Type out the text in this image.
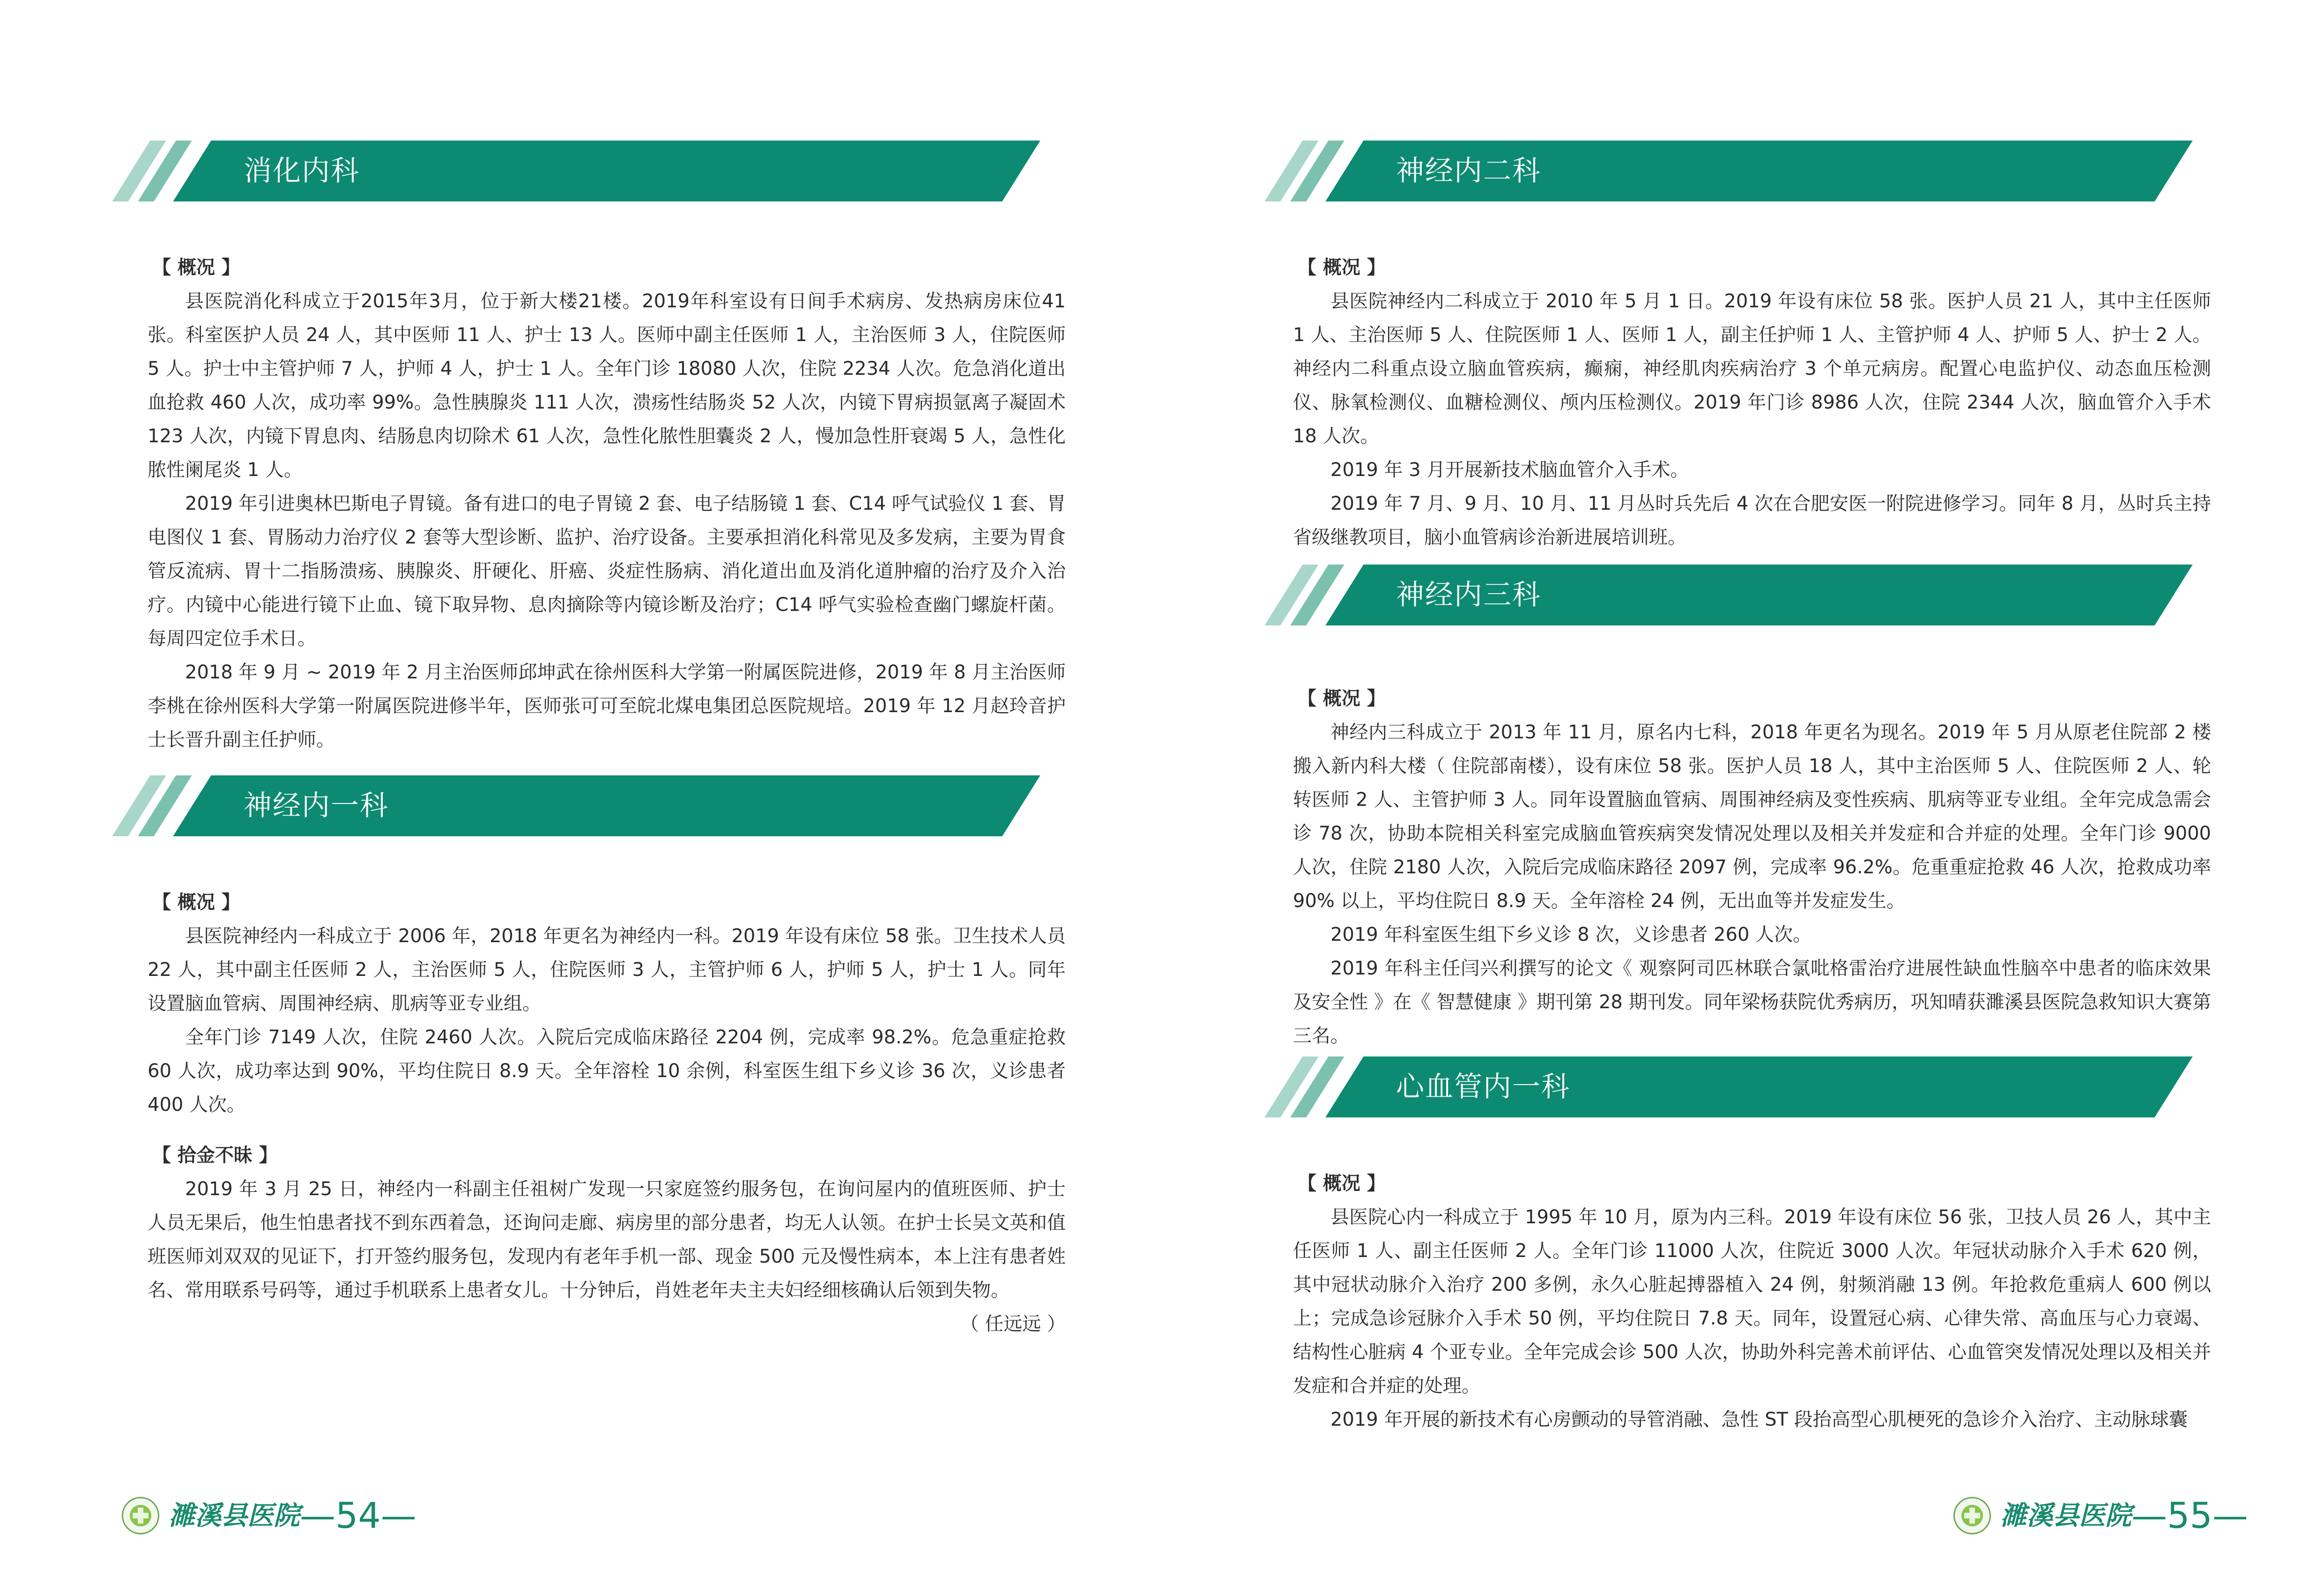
消化内科
【 概况 】

县医院消化科成立于2015年3月，位于新大楼21楼。2019年科室设有日间手术病房、发热病房床位41张。科室医护人员 24 人，其中医师 11 人、护士 13 人。医师中副主任医师 1 人，主治医师 3 人，住院医师 5 人。护士中主管护师 7 人，护师 4 人，护士 1 人。全年门诊 18080 人次，住院 2234 人次。危急消化道出血抢救 460 人次，成功率 99%。急性胰腺炎 111 人次，溃疡性结肠炎 52 人次，内镜下胃病损氩离子凝固术 123 人次，内镜下胃息肉、结肠息肉切除术 61 人次，急性化脓性胆囊炎 2 人，慢加急性肝衰竭 5 人，急性化脓性阑尾炎 1 人。

2019 年引进奥林巴斯电子胃镜。备有进口的电子胃镜 2 套、电子结肠镜 1 套、C14 呼气试验仪 1 套、胃电图仪 1 套、胃肠动力治疗仪 2 套等大型诊断、监护、治疗设备。主要承担消化科常见及多发病，主要为胃食管反流病、胃十二指肠溃疡、胰腺炎、肝硬化、肝癌、炎症性肠病、消化道出血及消化道肿瘤的治疗及介入治疗。内镜中心能进行镜下止血、镜下取异物、息肉摘除等内镜诊断及治疗；C14 呼气实验检查幽门螺旋杆菌。每周四定位手术日。

2018 年 9 月 ~ 2019 年 2 月主治医师邱坤武在徐州医科大学第一附属医院进修，2019 年 8 月主治医师李桃在徐州医科大学第一附属医院进修半年，医师张可可至皖北煤电集团总医院规培。2019 年 12 月赵玲音护士长晋升副主任护师。

神经内一科
【 概况 】

县医院神经内一科成立于 2006 年，2018 年更名为神经内一科。2019 年设有床位 58 张。卫生技术人员 22 人，其中副主任医师 2 人，主治医师 5 人，住院医师 3 人，主管护师 6 人，护师 5 人，护士 1 人。同年设置脑血管病、周围神经病、肌病等亚专业组。

全年门诊 7149 人次，住院 2460 人次。入院后完成临床路径 2204 例，完成率 98.2%。危急重症抢救 60 人次，成功率达到 90%，平均住院日 8.9 天。全年溶栓 10 余例，科室医生组下乡义诊 36 次，义诊患者 400 人次。

【 拾金不昧 】

2019 年 3 月 25 日，神经内一科副主任祖树广发现一只家庭签约服务包，在询问屋内的值班医师、护士人员无果后，他生怕患者找不到东西着急，还询问走廊、病房里的部分患者，均无人认领。在护士长吴文英和值班医师刘双双的见证下，打开签约服务包，发现内有老年手机一部、现金 500 元及慢性病本，本上注有患者姓名、常用联系号码等，通过手机联系上患者女儿。十分钟后，肖姓老年夫主夫妇经细核确认后领到失物。

（ 任远远 ）

濉溪县医院 —54—
神经内二科
【 概况 】

县医院神经内二科成立于 2010 年 5 月 1 日。2019 年设有床位 58 张。医护人员 21 人，其中主任医师 1 人、主治医师 5 人、住院医师 1 人、医师 1 人，副主任护师 1 人、主管护师 4 人、护师 5 人、护士 2 人。神经内二科重点设立脑血管疾病，癫痫，神经肌肉疾病治疗 3 个单元病房。配置心电监护仪、动态血压检测仪、脉氧检测仪、血糖检测仪、颅内压检测仪。2019 年门诊 8986 人次，住院 2344 人次，脑血管介入手术 18 人次。

2019 年 3 月开展新技术脑血管介入手术。

2019 年 7 月、9 月、10 月、11 月丛时兵先后 4 次在合肥安医一附院进修学习。同年 8 月，丛时兵主持省级继教项目，脑小血管病诊治新进展培训班。

神经内三科
【 概况 】

神经内三科成立于 2013 年 11 月，原名内七科，2018 年更名为现名。2019 年 5 月从原老住院部 2 楼搬入新内科大楼（ 住院部南楼），设有床位 58 张。医护人员 18 人，其中主治医师 5 人、住院医师 2 人、轮转医师 2 人、主管护师 3 人。同年设置脑血管病、周围神经病及变性疾病、肌病等亚专业组。全年完成急需会诊 78 次，协助本院相关科室完成脑血管疾病突发情况处理以及相关并发症和合并症的处理。全年门诊 9000 人次，住院 2180 人次，入院后完成临床路径 2097 例，完成率 96.2%。危重重症抢救 46 人次，抢救成功率 90% 以上，平均住院日 8.9 天。全年溶栓 24 例，无出血等并发症发生。

2019 年科室医生组下乡义诊 8 次，义诊患者 260 人次。

2019 年科主任闫兴利撰写的论文《 观察阿司匹林联合氯吡格雷治疗进展性缺血性脑卒中患者的临床效果及安全性 》在《 智慧健康 》期刊第 28 期刊发。同年梁杨获院优秀病历，巩知晴获濉溪县医院急救知识大赛第三名。

心血管内一科
【 概况 】

县医院心内一科成立于 1995 年 10 月，原为内三科。2019 年设有床位 56 张，卫技人员 26 人，其中主任医师 1 人、副主任医师 2 人。全年门诊 11000 人次，住院近 3000 人次。年冠状动脉介入手术 620 例，其中冠状动脉介入治疗 200 多例，永久心脏起搏器植入 24 例，射频消融 13 例。年抢救危重病人 600 例以上；完成急诊冠脉介入手术 50 例，平均住院日 7.8 天。同年，设置冠心病、心律失常、高血压与心力衰竭、结构性心脏病 4 个亚专业。全年完成会诊 500 人次，协助外科完善术前评估、心血管突发情况处理以及相关并发症和合并症的处理。

2019 年开展的新技术有心房颤动的导管消融、急性 ST 段抬高型心肌梗死的急诊介入治疗、主动脉球囊

濉溪县医院 —55—
